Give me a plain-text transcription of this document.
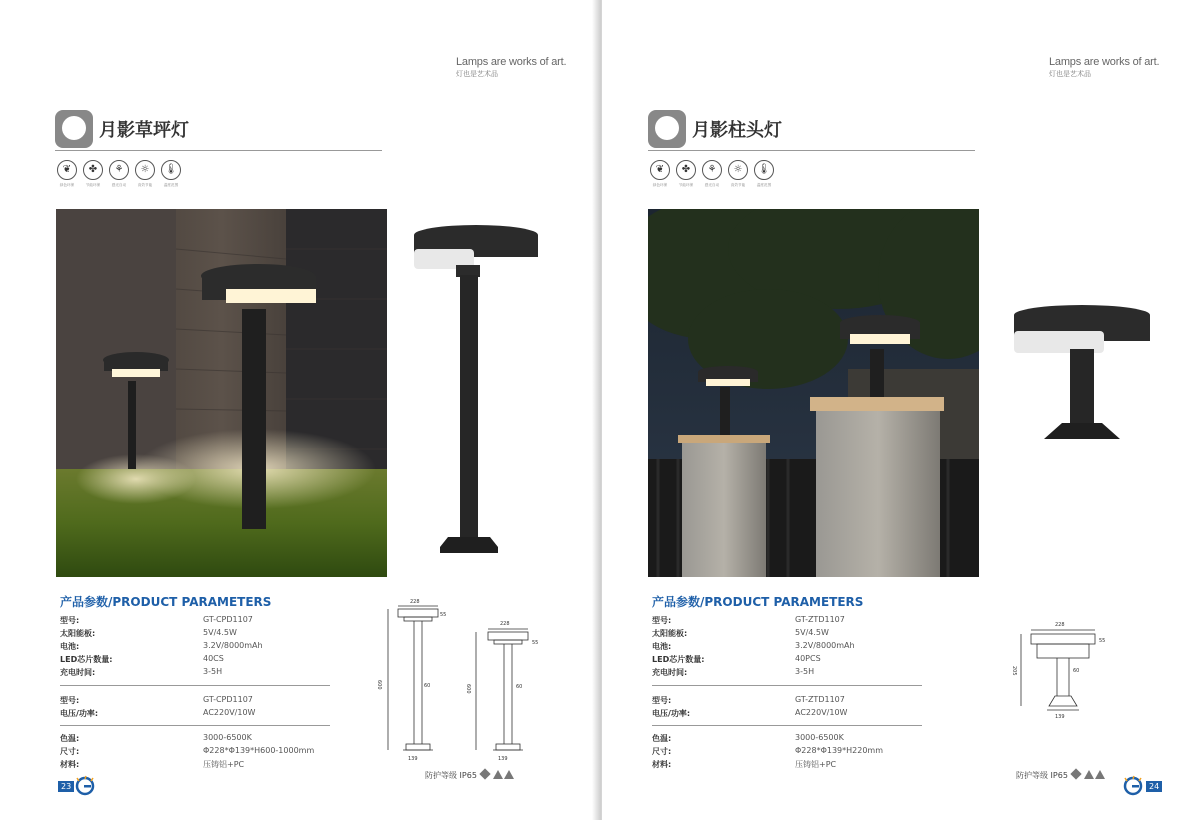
Lamps are works of art.
灯也是艺术品
月影草坪灯
❦
绿色环保
✤
节能环保
⚘
感光自动
☼
高效节能
🌡
温度范围
产品参数/PRODUCT PARAMETERS
型号:	GT-CPD1107
太阳能板:	5V/4.5W
电池:	3.2V/8000mAh
LED芯片数量:	40CS
充电时间:	3-5H
型号:	GT-CPD1107
电压/功率:	AC220V/10W
色温:	3000-6500K
尺寸:	Φ228*Φ139*H600-1000mm
材料:	压铸铝+PC
228
55
60
139
600
228
55
60
139
600
防护等级 IP65
23
Lamps are works of art.
灯也是艺术品
月影柱头灯
❦
绿色环保
✤
节能环保
⚘
感光自动
☼
高效节能
🌡
温度范围
产品参数/PRODUCT PARAMETERS
型号:	GT-ZTD1107
太阳能板:	5V/4.5W
电池:	3.2V/8000mAh
LED芯片数量:	40PCS
充电时间:	3-5H
型号:	GT-ZTD1107
电压/功率:	AC220V/10W
色温:	3000-6500K
尺寸:	Φ228*Φ139*H220mm
材料:	压铸铝+PC
228
55
60
139
205
防护等级 IP65
24
